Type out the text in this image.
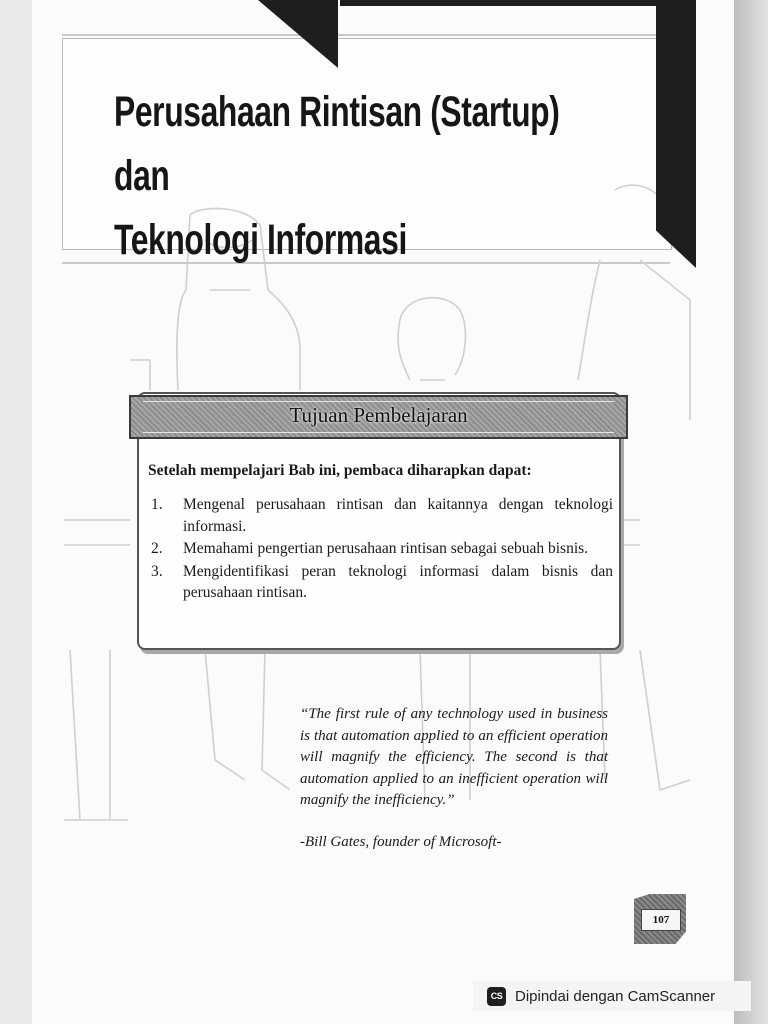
Perusahaan Rintisan (Startup) dan
Teknologi Informasi
Tujuan Pembelajaran
Setelah mempelajari Bab ini, pembaca diharapkan dapat:
1. Mengenal perusahaan rintisan dan kaitannya dengan teknologi informasi.
2. Memahami pengertian perusahaan rintisan sebagai sebuah bisnis.
3. Mengidentifikasi peran teknologi informasi dalam bisnis dan perusahaan rintisan.
“The first rule of any technology used in business is that automation applied to an efficient operation will magnify the efficiency. The second is that automation applied to an inefficient operation will magnify the inefficiency.”
-Bill Gates, founder of Microsoft-
107
CS Dipindai dengan CamScanner
